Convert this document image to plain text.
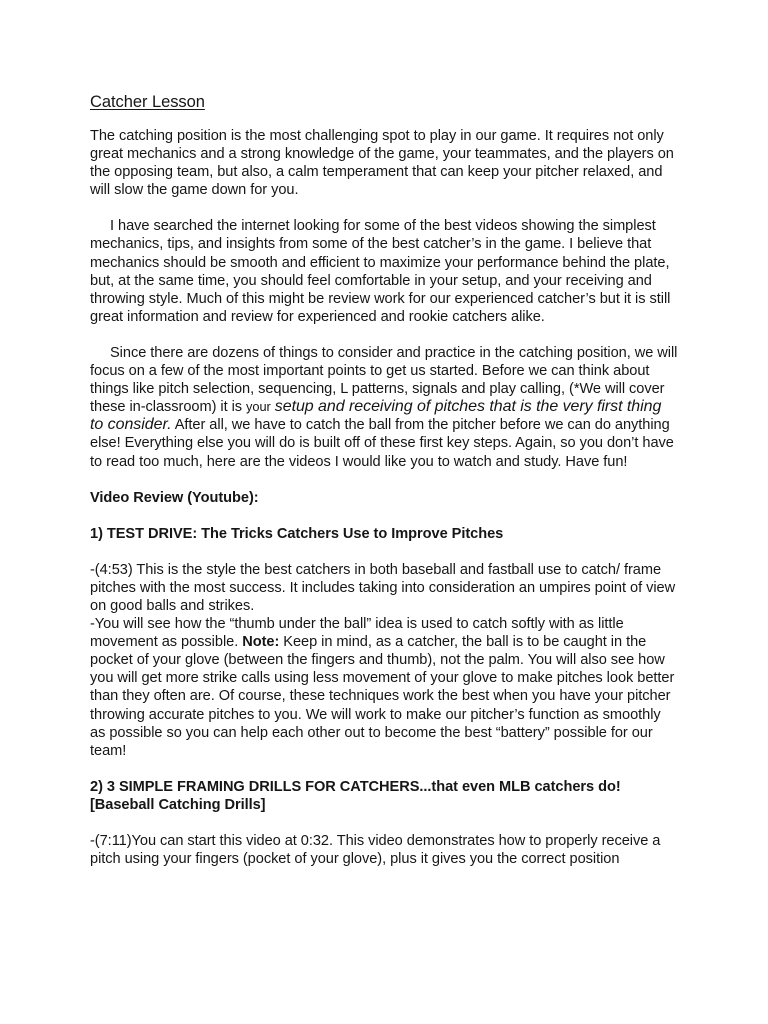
Catcher Lesson

The catching position is the most challenging spot to play in our game. It requires not only great mechanics and a strong knowledge of the game, your teammates, and the players on the opposing team, but also, a calm temperament that can keep your pitcher relaxed, and will slow the game down for you.

I have searched the internet looking for some of the best videos showing the simplest mechanics, tips, and insights from some of the best catcher’s in the game. I believe that mechanics should be smooth and efficient to maximize your performance behind the plate, but, at the same time, you should feel comfortable in your setup, and your receiving and throwing style. Much of this might be review work for our experienced catcher’s but it is still great information and review for experienced and rookie catchers alike.

Since there are dozens of things to consider and practice in the catching position, we will focus on a few of the most important points to get us started. Before we can think about things like pitch selection, sequencing, L patterns, signals and play calling, (*We will cover these in-classroom) it is your setup and receiving of pitches that is the very first thing to consider. After all, we have to catch the ball from the pitcher before we can do anything else! Everything else you will do is built off of these first key steps. Again, so you don’t have to read too much, here are the videos I would like you to watch and study. Have fun!

Video Review (Youtube):

1) TEST DRIVE: The Tricks Catchers Use to Improve Pitches

-(4:53) This is the style the best catchers in both baseball and fastball use to catch/ frame pitches with the most success. It includes taking into consideration an umpires point of view on good balls and strikes.

-You will see how the “thumb under the ball” idea is used to catch softly with as little movement as possible. Note: Keep in mind, as a catcher, the ball is to be caught in the pocket of your glove (between the fingers and thumb), not the palm. You will also see how you will get more strike calls using less movement of your glove to make pitches look better than they often are. Of course, these techniques work the best when you have your pitcher throwing accurate pitches to you. We will work to make our pitcher’s function as smoothly as possible so you can help each other out to become the best “battery” possible for our team!

2) 3 SIMPLE FRAMING DRILLS FOR CATCHERS...that even MLB catchers do! [Baseball Catching Drills]

-(7:11)You can start this video at 0:32. This video demonstrates how to properly receive a pitch using your fingers (pocket of your glove), plus it gives you the correct position
